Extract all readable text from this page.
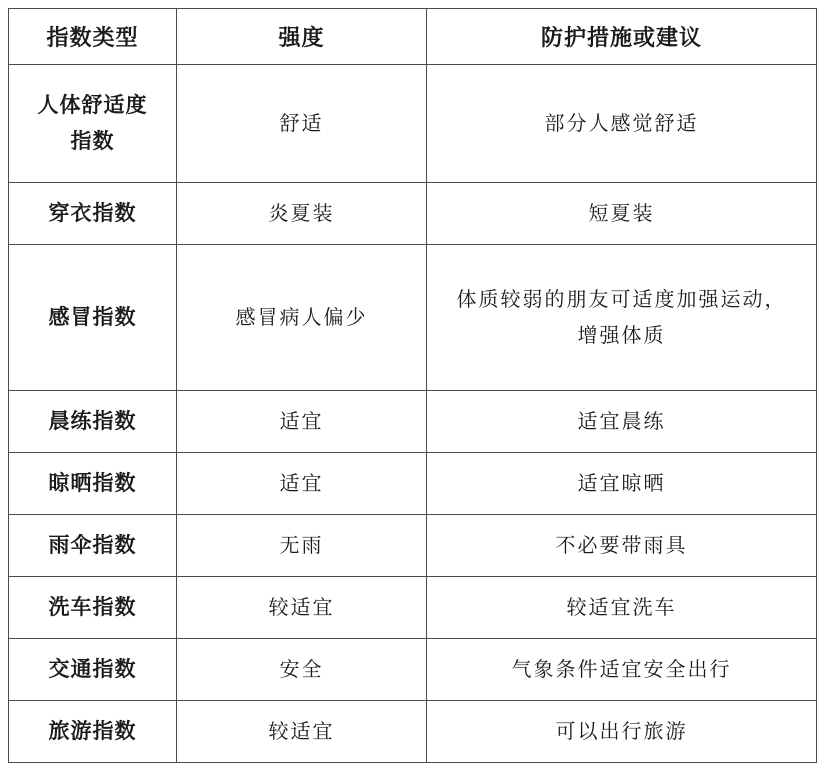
指数类型	强度	防护措施或建议

人体舒适度指数	舒适	部分人感觉舒适

穿衣指数	炎夏装	短夏装
感冒指数	感冒病人偏少	体质较弱的朋友可适度加强运动，增强体质

晨练指数	适宜	适宜晨练
晾晒指数	适宜	适宜晾晒
雨伞指数	无雨	不必要带雨具
洗车指数	较适宜	较适宜洗车
交通指数	安全	气象条件适宜安全出行
旅游指数	较适宜	可以出行旅游
